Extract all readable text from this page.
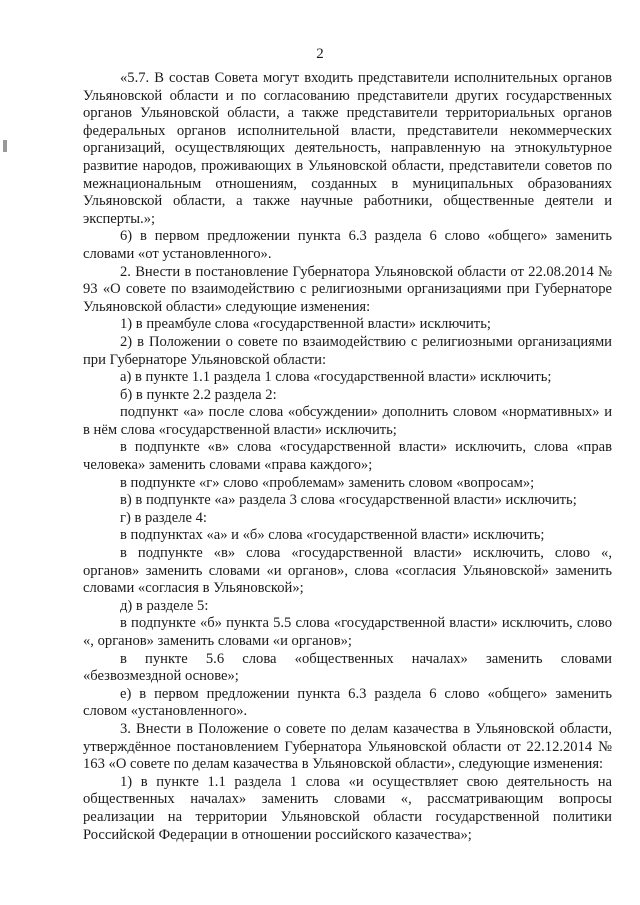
2

«5.7. В состав Совета могут входить представители исполнительных органов Ульяновской области и по согласованию представители других государственных органов Ульяновской области, а также представители территориальных органов федеральных органов исполнительной власти, представители некоммерческих организаций, осуществляющих деятельность, направленную на этнокультурное развитие народов, проживающих в Ульяновской области, представители советов по межнациональным отношениям, созданных в муниципальных образованиях Ульяновской области, а также научные работники, общественные деятели и эксперты.»;

6) в первом предложении пункта 6.3 раздела 6 слово «общего» заменить словами «от установленного».

2. Внести в постановление Губернатора Ульяновской области от 22.08.2014 № 93 «О совете по взаимодействию с религиозными организациями при Губернаторе Ульяновской области» следующие изменения:

1) в преамбуле слова «государственной власти» исключить;

2) в Положении о совете по взаимодействию с религиозными организациями при Губернаторе Ульяновской области:

а) в пункте 1.1 раздела 1 слова «государственной власти» исключить;

б) в пункте 2.2 раздела 2:

подпункт «а» после слова «обсуждении» дополнить словом «нормативных» и в нём слова «государственной власти» исключить;

в подпункте «в» слова «государственной власти» исключить, слова «прав человека» заменить словами «права каждого»;

в подпункте «г» слово «проблемам» заменить словом «вопросам»;

в) в подпункте «а» раздела 3 слова «государственной власти» исключить;

г) в разделе 4:

в подпунктах «а» и «б» слова «государственной власти» исключить;

в подпункте «в» слова «государственной власти» исключить, слово «, органов» заменить словами «и органов», слова «согласия Ульяновской» заменить словами «согласия в Ульяновской»;

д) в разделе 5:

в подпункте «б» пункта 5.5 слова «государственной власти» исключить, слово «, органов» заменить словами «и органов»;

в пункте 5.6 слова «общественных началах» заменить словами «безвозмездной основе»;

е) в первом предложении пункта 6.3 раздела 6 слово «общего» заменить словом «установленного».

3. Внести в Положение о совете по делам казачества в Ульяновской области, утверждённое постановлением Губернатора Ульяновской области от 22.12.2014 № 163 «О совете по делам казачества в Ульяновской области», следующие изменения:

1) в пункте 1.1 раздела 1 слова «и осуществляет свою деятельность на общественных началах» заменить словами «, рассматривающим вопросы реализации на территории Ульяновской области государственной политики Российской Федерации в отношении российского казачества»;
